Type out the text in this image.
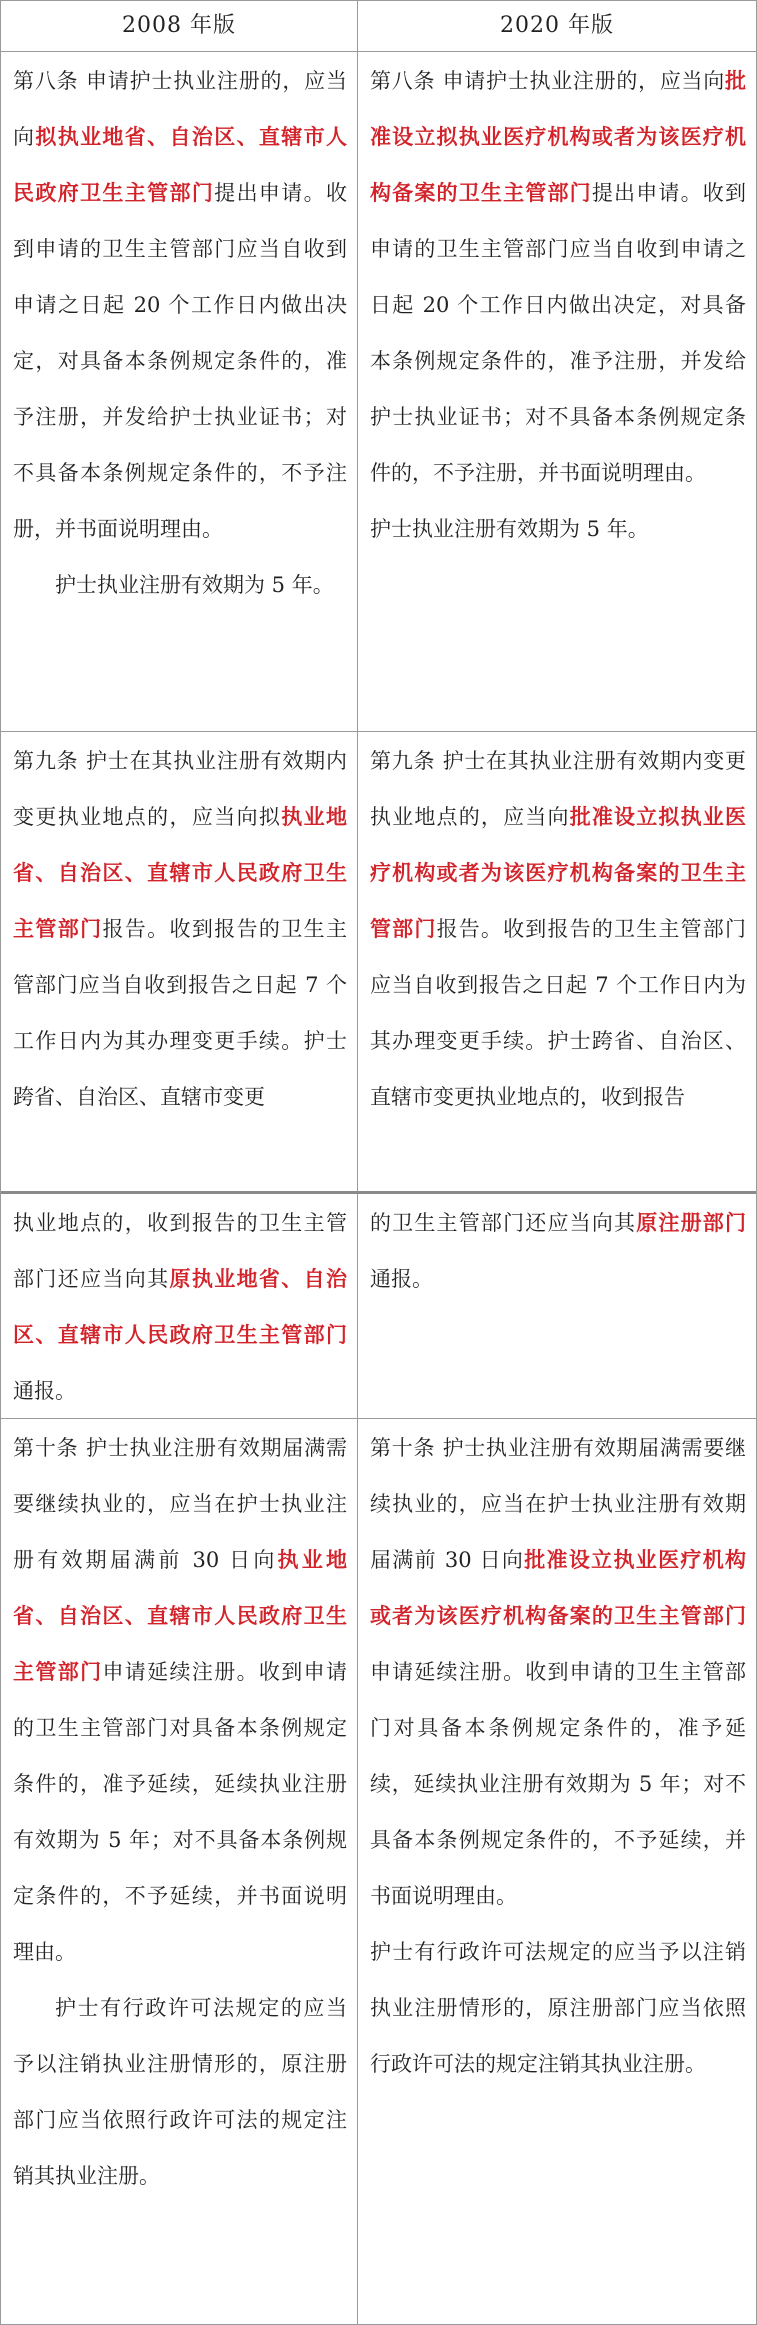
2008 年版	2020 年版

第八条 申请护士执业注册的，应当向拟执业地省、自治区、直辖市人民政府卫生主管部门提出申请。收到申请的卫生主管部门应当自收到申请之日起 20 个工作日内做出决定，对具备本条例规定条件的，准予注册，并发给护士执业证书；对不具备本条例规定条件的，不予注册，并书面说明理由。

护士执业注册有效期为 5 年。

第八条 申请护士执业注册的，应当向批准设立拟执业医疗机构或者为该医疗机构备案的卫生主管部门提出申请。收到申请的卫生主管部门应当自收到申请之日起 20 个工作日内做出决定，对具备本条例规定条件的，准予注册，并发给护士执业证书；对不具备本条例规定条件的，不予注册，并书面说明理由。

护士执业注册有效期为 5 年。

第九条 护士在其执业注册有效期内变更执业地点的，应当向拟执业地省、自治区、直辖市人民政府卫生主管部门报告。收到报告的卫生主管部门应当自收到报告之日起 7 个工作日内为其办理变更手续。护士跨省、自治区、直辖市变更

第九条 护士在其执业注册有效期内变更执业地点的，应当向批准设立拟执业医疗机构或者为该医疗机构备案的卫生主管部门报告。收到报告的卫生主管部门应当自收到报告之日起 7 个工作日内为其办理变更手续。护士跨省、自治区、直辖市变更执业地点的，收到报告

执业地点的，收到报告的卫生主管部门还应当向其原执业地省、自治区、直辖市人民政府卫生主管部门通报。

的卫生主管部门还应当向其原注册部门通报。

第十条 护士执业注册有效期届满需要继续执业的，应当在护士执业注册有效期届满前 30 日向执业地省、自治区、直辖市人民政府卫生主管部门申请延续注册。收到申请的卫生主管部门对具备本条例规定条件的，准予延续，延续执业注册有效期为 5 年；对不具备本条例规定条件的，不予延续，并书面说明理由。

护士有行政许可法规定的应当予以注销执业注册情形的，原注册部门应当依照行政许可法的规定注销其执业注册。

第十条 护士执业注册有效期届满需要继续执业的，应当在护士执业注册有效期届满前 30 日向批准设立执业医疗机构或者为该医疗机构备案的卫生主管部门申请延续注册。收到申请的卫生主管部门对具备本条例规定条件的，准予延续，延续执业注册有效期为 5 年；对不具备本条例规定条件的，不予延续，并书面说明理由。

护士有行政许可法规定的应当予以注销执业注册情形的，原注册部门应当依照行政许可法的规定注销其执业注册。
